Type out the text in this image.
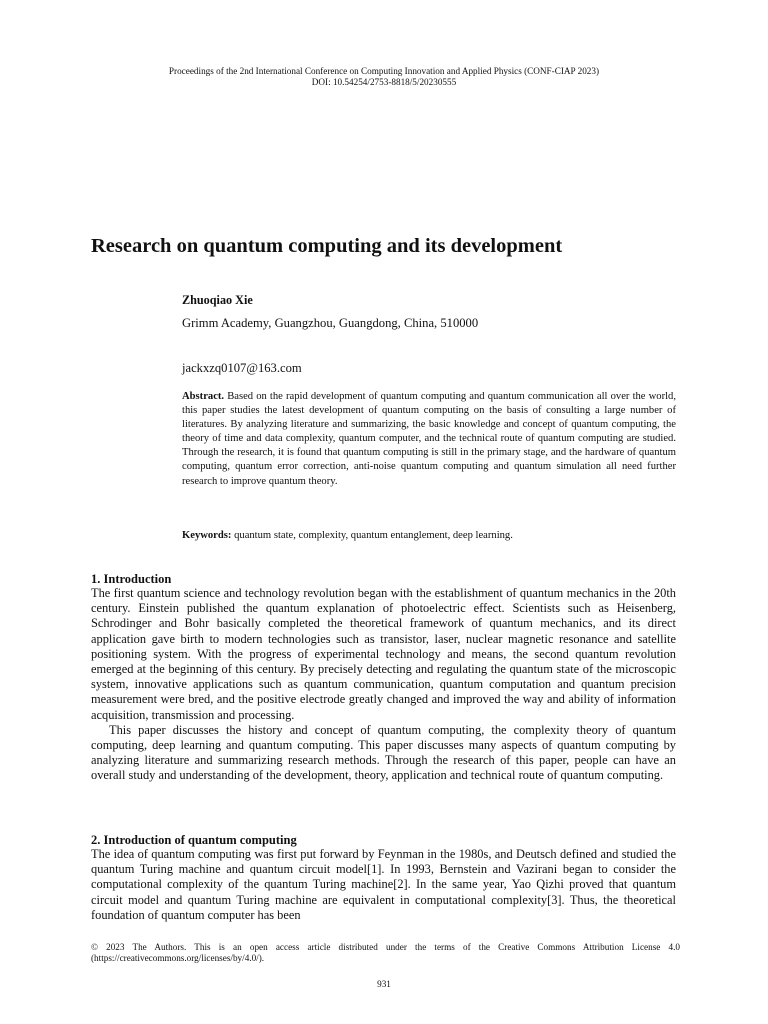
Proceedings of the 2nd International Conference on Computing Innovation and Applied Physics (CONF-CIAP 2023)
DOI: 10.54254/2753-8818/5/20230555
Research on quantum computing and its development
Zhuoqiao Xie
Grimm Academy, Guangzhou, Guangdong, China, 510000
jackxzq0107@163.com
Abstract. Based on the rapid development of quantum computing and quantum communication all over the world, this paper studies the latest development of quantum computing on the basis of consulting a large number of literatures. By analyzing literature and summarizing, the basic knowledge and concept of quantum computing, the theory of time and data complexity, quantum computer, and the technical route of quantum computing are studied. Through the research, it is found that quantum computing is still in the primary stage, and the hardware of quantum computing, quantum error correction, anti-noise quantum computing and quantum simulation all need further research to improve quantum theory.
Keywords: quantum state, complexity, quantum entanglement, deep learning.
1. Introduction

The first quantum science and technology revolution began with the establishment of quantum mechanics in the 20th century. Einstein published the quantum explanation of photoelectric effect. Scientists such as Heisenberg, Schrodinger and Bohr basically completed the theoretical framework of quantum mechanics, and its direct application gave birth to modern technologies such as transistor, laser, nuclear magnetic resonance and satellite positioning system. With the progress of experimental technology and means, the second quantum revolution emerged at the beginning of this century. By precisely detecting and regulating the quantum state of the microscopic system, innovative applications such as quantum communication, quantum computation and quantum precision measurement were bred, and the positive electrode greatly changed and improved the way and ability of information acquisition, transmission and processing.

This paper discusses the history and concept of quantum computing, the complexity theory of quantum computing, deep learning and quantum computing. This paper discusses many aspects of quantum computing by analyzing literature and summarizing research methods. Through the research of this paper, people can have an overall study and understanding of the development, theory, application and technical route of quantum computing.

2. Introduction of quantum computing

The idea of quantum computing was first put forward by Feynman in the 1980s, and Deutsch defined and studied the quantum Turing machine and quantum circuit model[1]. In 1993, Bernstein and Vazirani began to consider the computational complexity of the quantum Turing machine[2]. In the same year, Yao Qizhi proved that quantum circuit model and quantum Turing machine are equivalent in computational complexity[3]. Thus, the theoretical foundation of quantum computer has been

© 2023 The Authors. This is an open access article distributed under the terms of the Creative Commons Attribution License 4.0 (https://creativecommons.org/licenses/by/4.0/).
931
